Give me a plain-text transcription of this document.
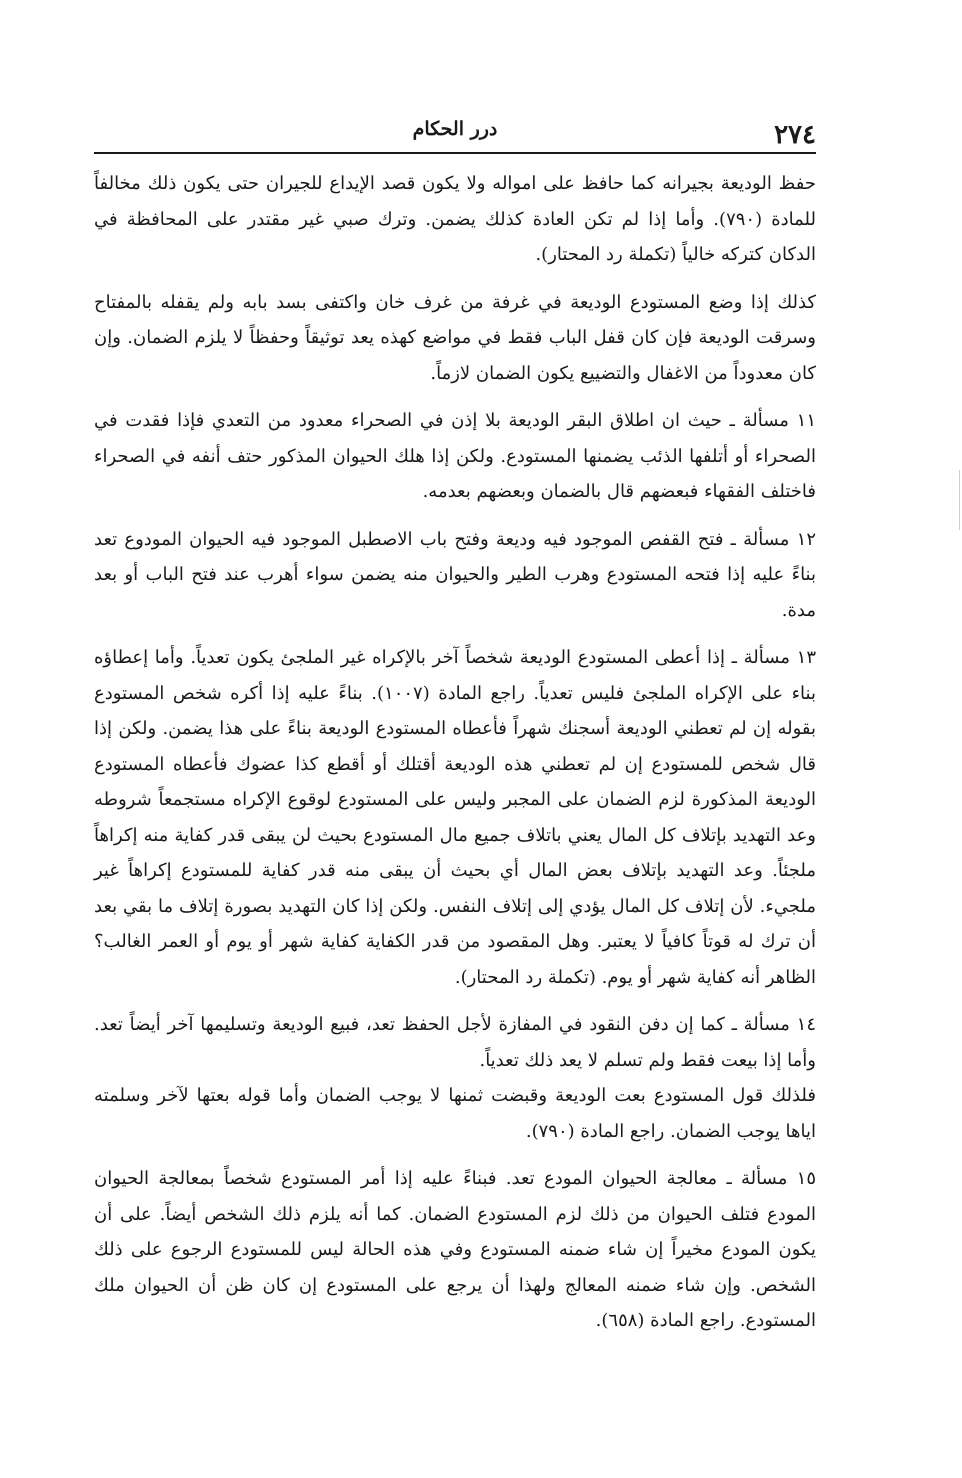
٢٧٤
درر الحكام

حفظ الوديعة بجيرانه كما حافظ على امواله ولا يكون قصد الإيداع للجيران حتى يكون ذلك مخالفاً للمادة (٧٩٠). وأما إذا لم تكن العادة كذلك يضمن. وترك صبي غير مقتدر على المحافظة في الدكان كتركه خالياً (تكملة رد المحتار).

كذلك إذا وضع المستودع الوديعة في غرفة من غرف خان واكتفى بسد بابه ولم يقفله بالمفتاح وسرقت الوديعة فإن كان قفل الباب فقط في مواضع كهذه يعد توثيقاً وحفظاً لا يلزم الضمان. وإن كان معدوداً من الاغفال والتضييع يكون الضمان لازماً.

١١ مسألة ـ حيث ان اطلاق البقر الوديعة بلا إذن في الصحراء معدود من التعدي فإذا فقدت في الصحراء أو أتلفها الذئب يضمنها المستودع. ولكن إذا هلك الحيوان المذكور حتف أنفه في الصحراء فاختلف الفقهاء فبعضهم قال بالضمان وبعضهم بعدمه.

١٢ مسألة ـ فتح القفص الموجود فيه وديعة وفتح باب الاصطبل الموجود فيه الحيوان المودوع تعد بناءً عليه إذا فتحه المستودع وهرب الطير والحيوان منه يضمن سواء أهرب عند فتح الباب أو بعد مدة.

١٣ مسألة ـ إذا أعطى المستودع الوديعة شخصاً آخر بالإكراه غير الملجئ يكون تعدياً. وأما إعطاؤه بناء على الإكراه الملجئ فليس تعدياً. راجع المادة (١٠٠٧). بناءً عليه إذا أكره شخص المستودع بقوله إن لم تعطني الوديعة أسجنك شهراً فأعطاه المستودع الوديعة بناءً على هذا يضمن. ولكن إذا قال شخص للمستودع إن لم تعطني هذه الوديعة أقتلك أو أقطع كذا عضوك فأعطاه المستودع الوديعة المذكورة لزم الضمان على المجبر وليس على المستودع لوقوع الإكراه مستجمعاً شروطه وعد التهديد بإتلاف كل المال يعني باتلاف جميع مال المستودع بحيث لن يبقى قدر كفاية منه إكراهاً ملجئاً. وعد التهديد بإتلاف بعض المال أي بحيث أن يبقى منه قدر كفاية للمستودع إكراهاً غير ملجيء. لأن إتلاف كل المال يؤدي إلى إتلاف النفس. ولكن إذا كان التهديد بصورة إتلاف ما بقي بعد أن ترك له قوتاً كافياً لا يعتبر. وهل المقصود من قدر الكفاية كفاية شهر أو يوم أو العمر الغالب؟ الظاهر أنه كفاية شهر أو يوم. (تكملة رد المحتار).

١٤ مسألة ـ كما إن دفن النقود في المفازة لأجل الحفظ تعد، فبيع الوديعة وتسليمها آخر أيضاً تعد. وأما إذا بيعت فقط ولم تسلم لا يعد ذلك تعدياً.

فلذلك قول المستودع بعت الوديعة وقبضت ثمنها لا يوجب الضمان وأما قوله بعتها لآخر وسلمته اياها يوجب الضمان. راجع المادة (٧٩٠).

١٥ مسألة ـ معالجة الحيوان المودع تعد. فبناءً عليه إذا أمر المستودع شخصاً بمعالجة الحيوان المودع فتلف الحيوان من ذلك لزم المستودع الضمان. كما أنه يلزم ذلك الشخص أيضاً. على أن يكون المودع مخيراً إن شاء ضمنه المستودع وفي هذه الحالة ليس للمستودع الرجوع على ذلك الشخص. وإن شاء ضمنه المعالج ولهذا أن يرجع على المستودع إن كان ظن أن الحيوان ملك المستودع. راجع المادة (٦٥٨).
